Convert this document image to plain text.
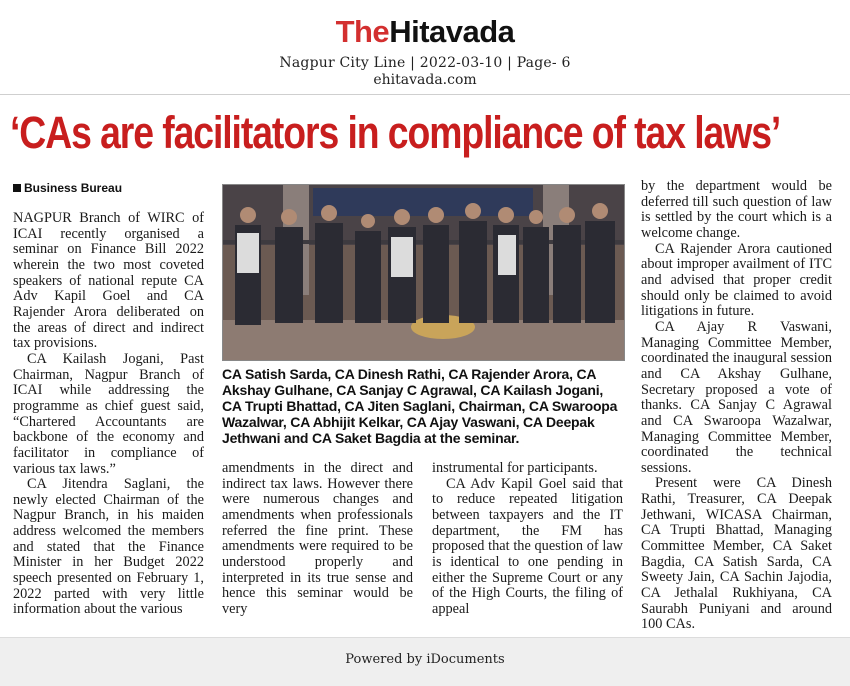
TheHitavada
Nagpur City Line | 2022-03-10 | Page- 6
ehitavada.com
‘CAs are facilitators in compliance of tax laws’
Business Bureau

NAGPUR Branch of WIRC of ICAI recently organised a seminar on Finance Bill 2022 wherein the two most coveted speakers of national repute CA Adv Kapil Goel and CA Rajender Arora deliberated on the areas of direct and indirect tax provisions.

CA Kailash Jogani, Past Chairman, Nagpur Branch of ICAI while addressing the programme as chief guest said, “Chartered Accountants are backbone of the economy and facilitator in compliance of various tax laws.”

CA Jitendra Saglani, the newly elected Chairman of the Nagpur Branch, in his maiden address welcomed the members and stated that the Finance Minister in her Budget 2022 speech presented on February 1, 2022 parted with very little information about the various

CA Satish Sarda, CA Dinesh Rathi, CA Rajender Arora, CA Akshay Gulhane, CA Sanjay C Agrawal, CA Kailash Jogani, CA Trupti Bhattad, CA Jiten Saglani, Chairman, CA Swaroopa Wazalwar, CA Abhijit Kelkar, CA Ajay Vaswani, CA Deepak Jethwani and CA Saket Bagdia at the seminar.

amendments in the direct and indirect tax laws. However there were numerous changes and amendments when professionals referred the fine print. These amendments were required to be understood properly and interpreted in its true sense and hence this seminar would be very

instrumental for participants.

CA Adv Kapil Goel said that to reduce repeated litigation between taxpayers and the IT department, the FM has proposed that the question of law is identical to one pending in either the Supreme Court or any of the High Courts, the filing of appeal

by the department would be deferred till such question of law is settled by the court which is a welcome change.

CA Rajender Arora cautioned about improper availment of ITC and advised that proper credit should only be claimed to avoid litigations in future.

CA Ajay R Vaswani, Managing Committee Member, coordinated the inaugural session and CA Akshay Gulhane, Secretary proposed a vote of thanks. CA Sanjay C Agrawal and CA Swaroopa Wazalwar, Managing Committee Member, coordinated the technical sessions.

Present were CA Dinesh Rathi, Treasurer, CA Deepak Jethwani, WICASA Chairman, CA Trupti Bhattad, Managing Committee Member, CA Saket Bagdia, CA Satish Sarda, CA Sweety Jain, CA Sachin Jajodia, CA Jethalal Rukhiyana, CA Saurabh Puniyani and around 100 CAs.

Powered by iDocuments
